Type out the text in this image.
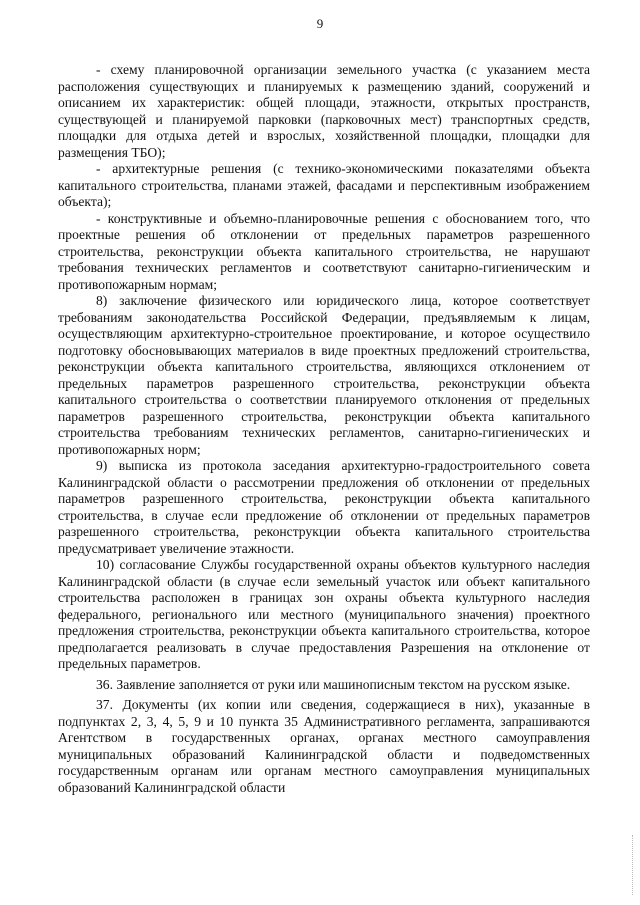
9

- схему планировочной организации земельного участка (с указанием места расположения существующих и планируемых к размещению зданий, сооружений и описанием их характеристик: общей площади, этажности, открытых пространств, существующей и планируемой парковки (парковочных мест) транспортных средств, площадки для отдыха детей и взрослых, хозяйственной площадки, площадки для размещения ТБО);

- архитектурные решения (с технико-экономическими показателями объекта капитального строительства, планами этажей, фасадами и перспективным изображением объекта);

- конструктивные и объемно-планировочные решения с обоснованием того, что проектные решения об отклонении от предельных параметров разрешенного строительства, реконструкции объекта капитального строительства, не нарушают требования технических регламентов и соответствуют санитарно-гигиеническим и противопожарным нормам;

8) заключение физического или юридического лица, которое соответствует требованиям законодательства Российской Федерации, предъявляемым к лицам, осуществляющим архитектурно-строительное проектирование, и которое осуществило подготовку обосновывающих материалов в виде проектных предложений строительства, реконструкции объекта капитального строительства, являющихся отклонением от предельных параметров разрешенного строительства, реконструкции объекта капитального строительства о соответствии планируемого отклонения от предельных параметров разрешенного строительства, реконструкции объекта капитального строительства требованиям технических регламентов, санитарно-гигиенических и противопожарных норм;

9) выписка из протокола заседания архитектурно-градостроительного совета Калининградской области о рассмотрении предложения об отклонении от предельных параметров разрешенного строительства, реконструкции объекта капитального строительства, в случае если предложение об отклонении от предельных параметров разрешенного строительства, реконструкции объекта капитального строительства предусматривает увеличение этажности.

10) согласование Службы государственной охраны объектов культурного наследия Калининградской области (в случае если земельный участок или объект капитального строительства расположен в границах зон охраны объекта культурного наследия федерального, регионального или местного (муниципального значения) проектного предложения строительства, реконструкции объекта капитального строительства, которое предполагается реализовать в случае предоставления Разрешения на отклонение от предельных параметров.

36. Заявление заполняется от руки или машинописным текстом на русском языке.

37. Документы (их копии или сведения, содержащиеся в них), указанные в подпунктах 2, 3, 4, 5, 9 и 10 пункта 35 Административного регламента, запрашиваются Агентством в государственных органах, органах местного самоуправления муниципальных образований Калининградской области и подведомственных государственным органам или органам местного самоуправления муниципальных образований Калининградской области
